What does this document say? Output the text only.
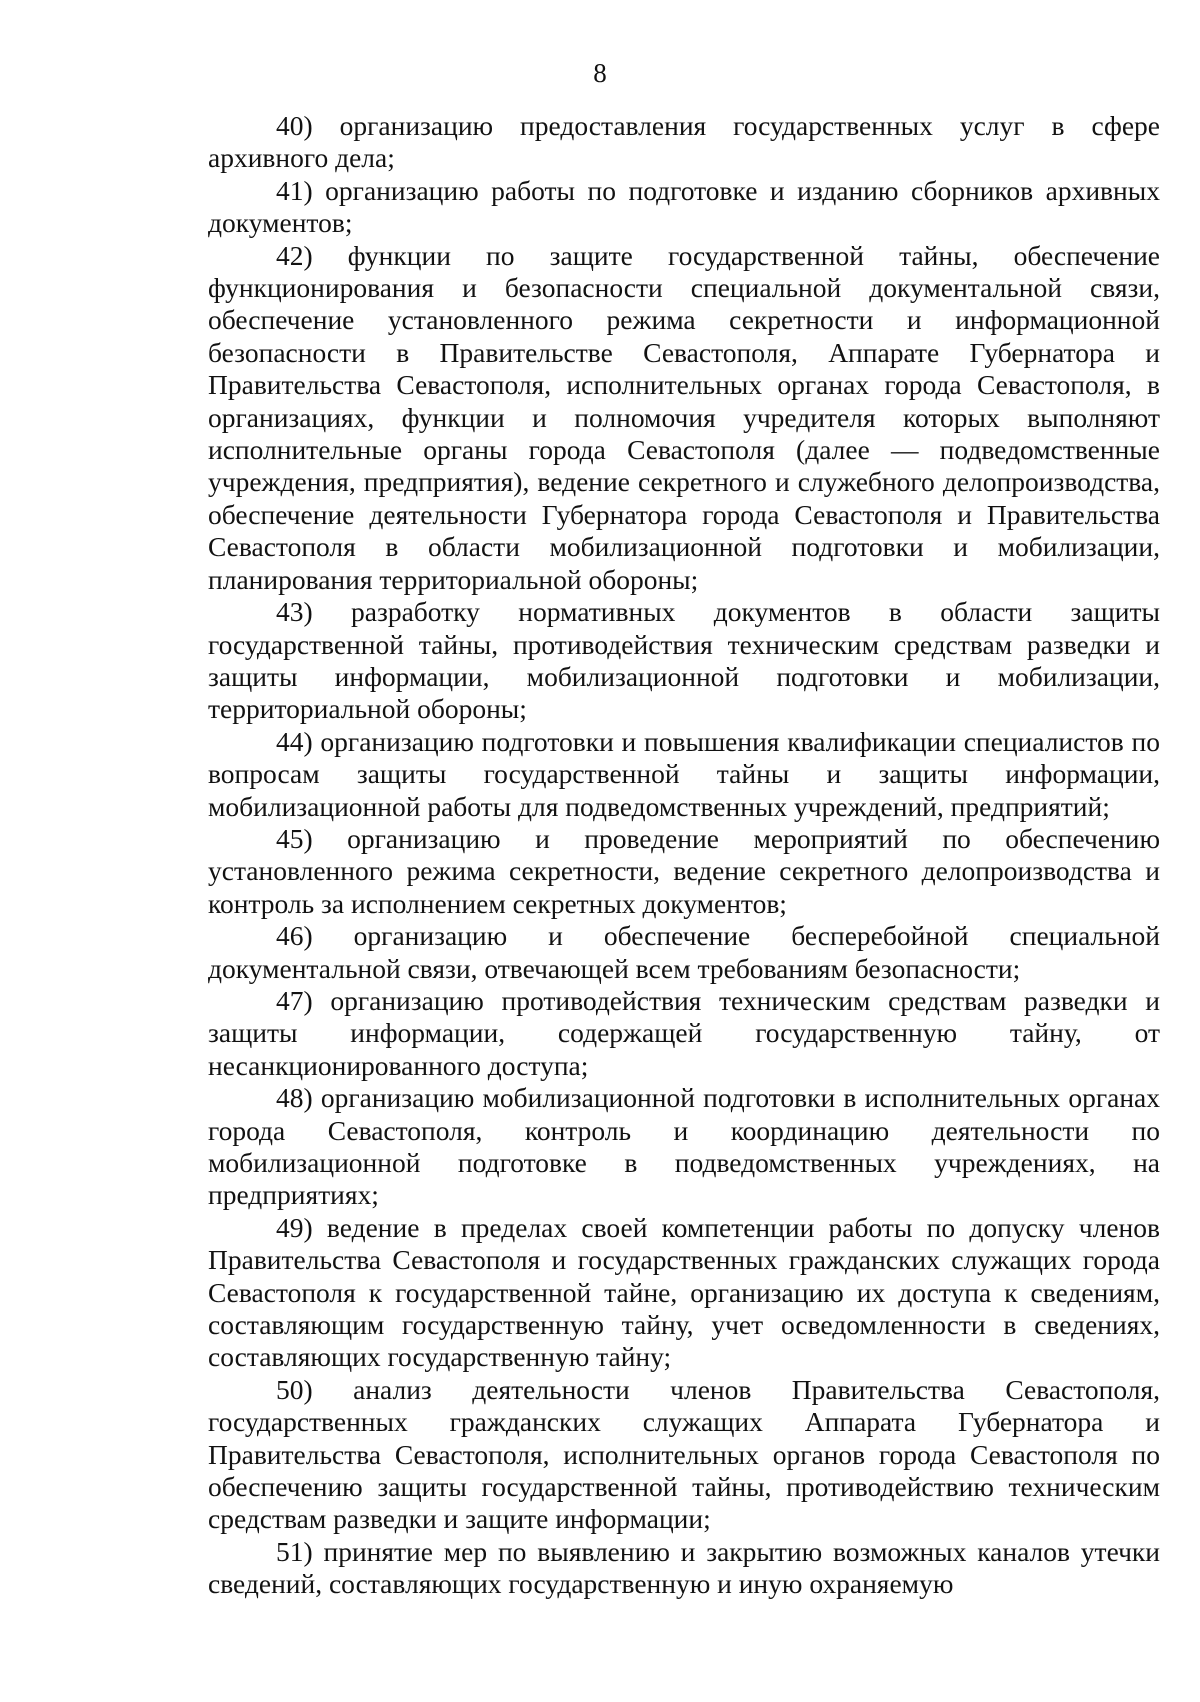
8

40) организацию предоставления государственных услуг в сфере архивного дела;

41) организацию работы по подготовке и изданию сборников архивных документов;

42) функции по защите государственной тайны, обеспечение функционирования и безопасности специальной документальной связи, обеспечение установленного режима секретности и информационной безопасности в Правительстве Севастополя, Аппарате Губернатора и Правительства Севастополя, исполнительных органах города Севастополя, в организациях, функции и полномочия учредителя которых выполняют исполнительные органы города Севастополя (далее — подведомственные учреждения, предприятия), ведение секретного и служебного делопроизводства, обеспечение деятельности Губернатора города Севастополя и Правительства Севастополя в области мобилизационной подготовки и мобилизации, планирования территориальной обороны;

43) разработку нормативных документов в области защиты государственной тайны, противодействия техническим средствам разведки и защиты информации, мобилизационной подготовки и мобилизации, территориальной обороны;

44) организацию подготовки и повышения квалификации специалистов по вопросам защиты государственной тайны и защиты информации, мобилизационной работы для подведомственных учреждений, предприятий;

45) организацию и проведение мероприятий по обеспечению установленного режима секретности, ведение секретного делопроизводства и контроль за исполнением секретных документов;

46) организацию и обеспечение бесперебойной специальной документальной связи, отвечающей всем требованиям безопасности;

47) организацию противодействия техническим средствам разведки и защиты информации, содержащей государственную тайну, от несанкционированного доступа;

48) организацию мобилизационной подготовки в исполнительных органах города Севастополя, контроль и координацию деятельности по мобилизационной подготовке в подведомственных учреждениях, на предприятиях;

49) ведение в пределах своей компетенции работы по допуску членов Правительства Севастополя и государственных гражданских служащих города Севастополя к государственной тайне, организацию их доступа к сведениям, составляющим государственную тайну, учет осведомленности в сведениях, составляющих государственную тайну;

50) анализ деятельности членов Правительства Севастополя, государственных гражданских служащих Аппарата Губернатора и Правительства Севастополя, исполнительных органов города Севастополя по обеспечению защиты государственной тайны, противодействию техническим средствам разведки и защите информации;

51) принятие мер по выявлению и закрытию возможных каналов утечки сведений, составляющих государственную и иную охраняемую
